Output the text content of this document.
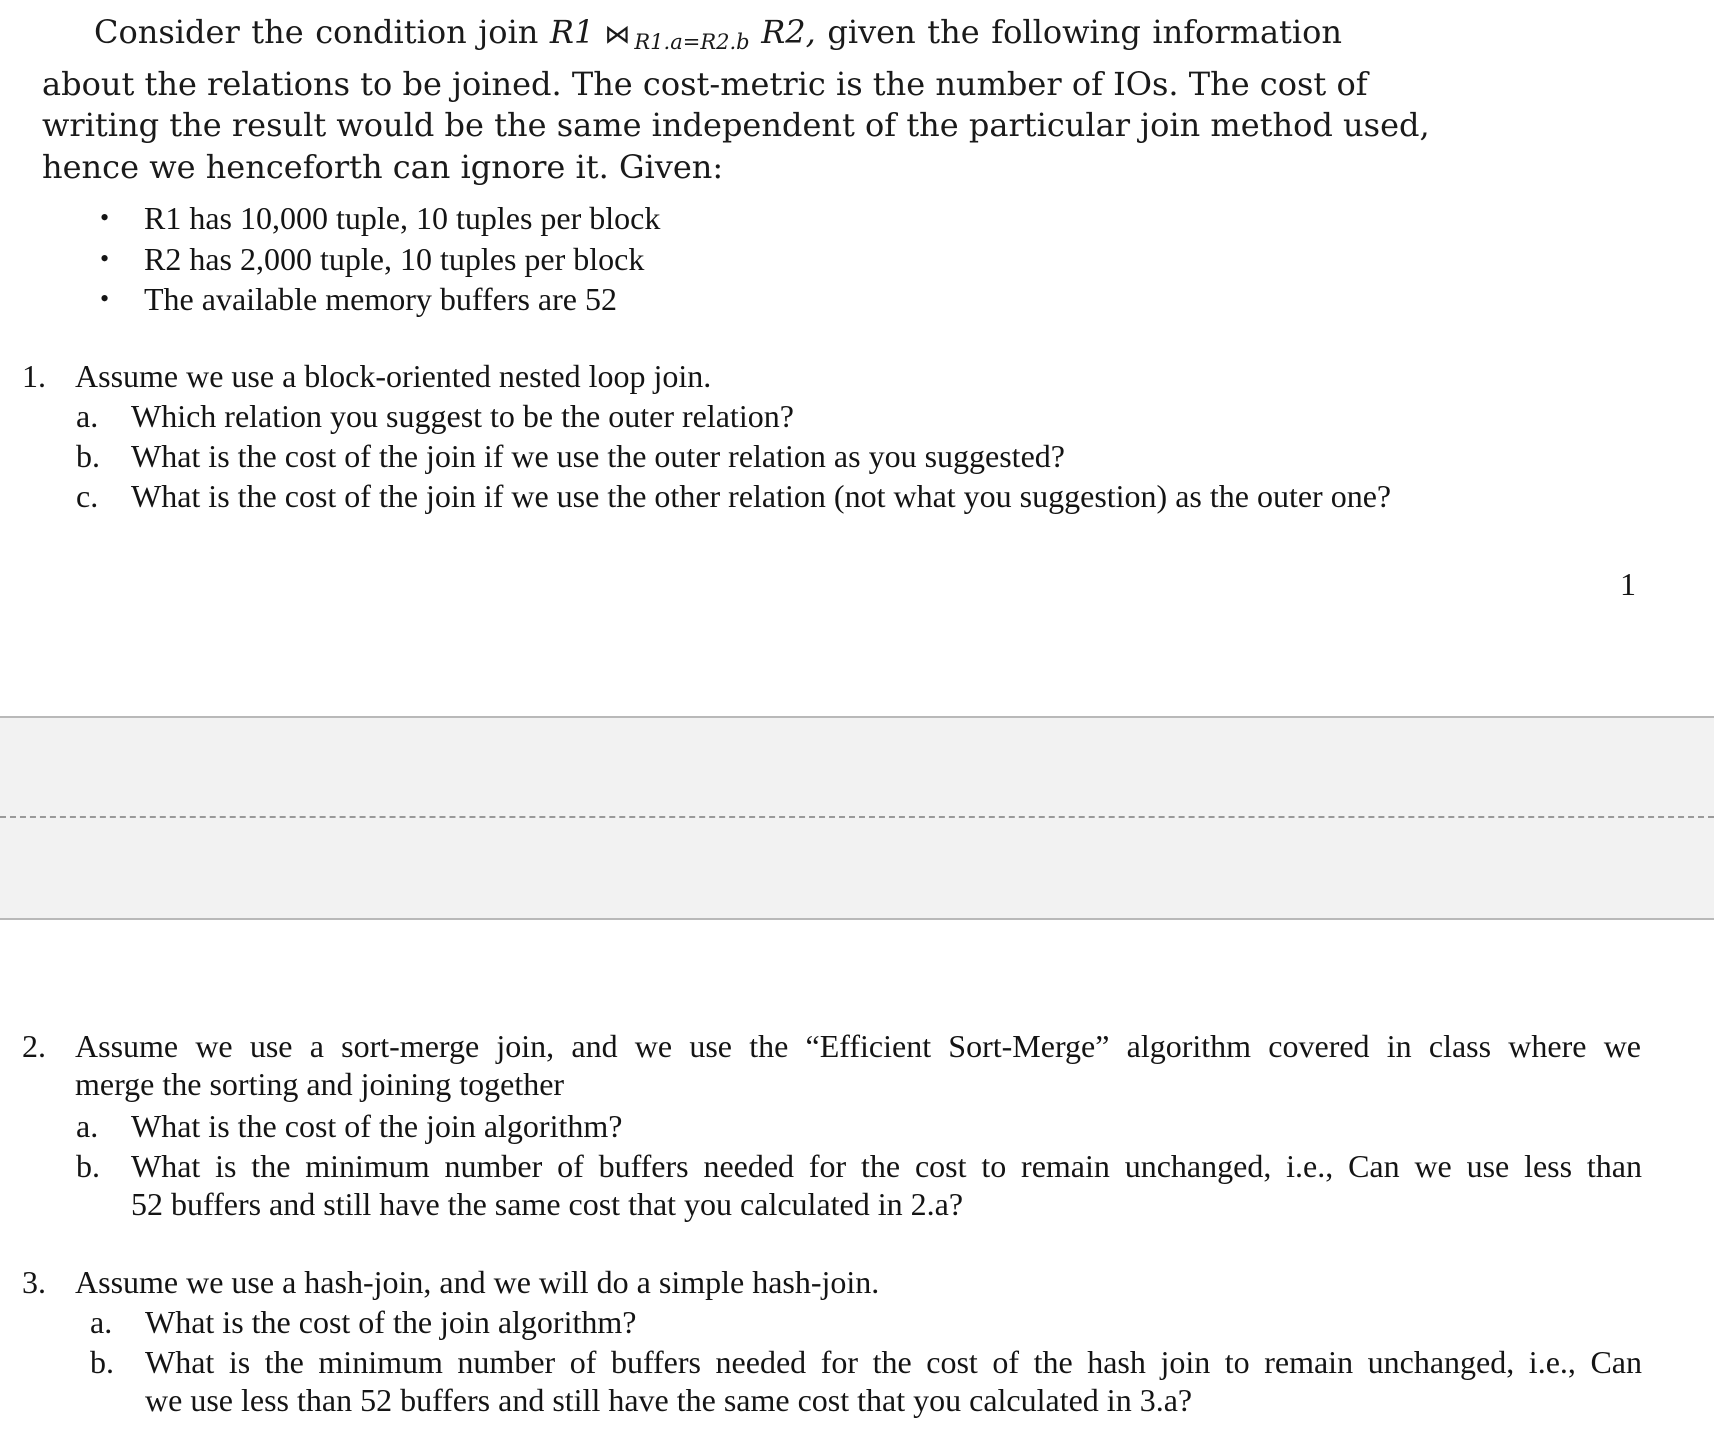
Consider the condition join R1 ⋈ $_{R1.a=R2.b}$ R2, given the following information
about the relations to be joined. The cost-metric is the number of IOs. The cost of
writing the result would be the same independent of the particular join method used,
hence we henceforth can ignore it. Given:
•	R1 has 10,000 tuple, 10 tuples per block
•	R2 has 2,000 tuple, 10 tuples per block
•	The available memory buffers are 52
1. Assume we use a block-oriented nested loop join.
a. Which relation you suggest to be the outer relation?
b. What is the cost of the join if we use the outer relation as you suggested?
c. What is the cost of the join if we use the other relation (not what you suggestion) as the outer one?
1
2. Assume we use a sort-merge join, and we use the “Efficient Sort-Merge” algorithm covered in class where we
merge the sorting and joining together
a. What is the cost of the join algorithm?
b. What is the minimum number of buffers needed for the cost to remain unchanged, i.e., Can we use less than
52 buffers and still have the same cost that you calculated in 2.a?
3. Assume we use a hash-join, and we will do a simple hash-join.
a. What is the cost of the join algorithm?
b. What is the minimum number of buffers needed for the cost of the hash join to remain unchanged, i.e., Can
we use less than 52 buffers and still have the same cost that you calculated in 3.a?
